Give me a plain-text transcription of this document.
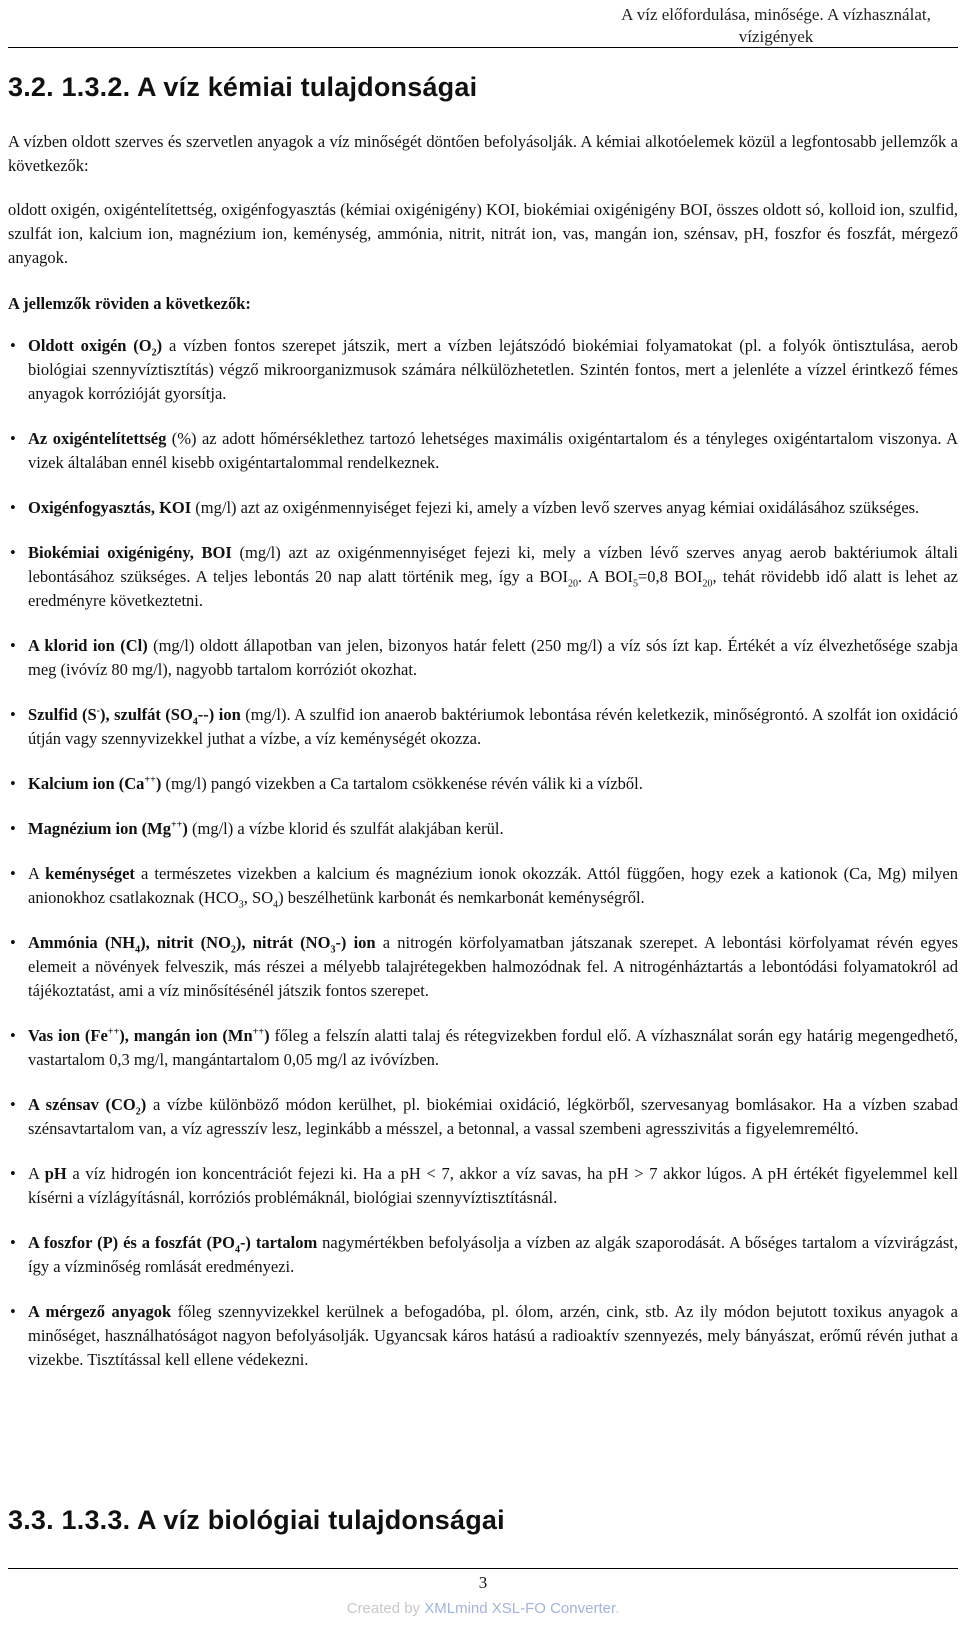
A víz előfordulása, minősége. A vízhasználat, vízigények
3.2. 1.3.2. A víz kémiai tulajdonságai

A vízben oldott szerves és szervetlen anyagok a víz minőségét döntően befolyásolják. A kémiai alkotóelemek közül a legfontosabb jellemzők a következők:

oldott oxigén, oxigéntelítettség, oxigénfogyasztás (kémiai oxigénigény) KOI, biokémiai oxigénigény BOI, összes oldott só, kolloid ion, szulfid, szulfát ion, kalcium ion, magnézium ion, keménység, ammónia, nitrit, nitrát ion, vas, mangán ion, szénsav, pH, foszfor és foszfát, mérgező anyagok.

A jellemzők röviden a következők:

• Oldott oxigén $(O_2)$ a vízben fontos szerepet játszik, mert a vízben lejátszódó biokémiai folyamatokat (pl. a folyók öntisztulása, aerob biológiai szennyvíztisztítás) végző mikroorganizmusok számára nélkülözhetetlen. Szintén fontos, mert a jelenléte a vízzel érintkező fémes anyagok korrózióját gyorsítja.
• Az oxigéntelítettség (%) az adott hőmérséklethez tartozó lehetséges maximális oxigéntartalom és a tényleges oxigéntartalom viszonya. A vizek általában ennél kisebb oxigéntartalommal rendelkeznek.
• Oxigénfogyasztás, KOI (mg/l) azt az oxigénmennyiséget fejezi ki, amely a vízben levő szerves anyag kémiai oxidálásához szükséges.
• Biokémiai oxigénigény, BOI (mg/l) azt az oxigénmennyiséget fejezi ki, mely a vízben lévő szerves anyag aerob baktériumok általi lebontásához szükséges. A teljes lebontás 20 nap alatt történik meg, így a $BOI_{20}$. A $BOI_5=0,8$ $BOI_{20}$, tehát rövidebb idő alatt is lehet az eredményre következtetni.
• A klorid ion (Cl) (mg/l) oldott állapotban van jelen, bizonyos határ felett (250 mg/l) a víz sós ízt kap. Értékét a víz élvezhetősége szabja meg (ivóvíz 80 mg/l), nagyobb tartalom korróziót okozhat.
• Szulfid (S-), szulfát $(SO_4--)$ ion (mg/l). A szulfid ion anaerob baktériumok lebontása révén keletkezik, minőségrontó. A szolfát ion oxidáció útján vagy szennyvizekkel juthat a vízbe, a víz keménységét okozza.
• Kalcium ion (Ca++) (mg/l) pangó vizekben a Ca tartalom csökkenése révén válik ki a vízből.
• Magnézium ion (Mg++) (mg/l) a vízbe klorid és szulfát alakjában kerül.
• A keménységet a természetes vizekben a kalcium és magnézium ionok okozzák. Attól függően, hogy ezek a kationok (Ca, Mg) milyen anionokhoz csatlakoznak ($HCO_3$, $SO_4$) beszélhetünk karbonát és nemkarbonát keménységről.
• Ammónia $(NH_4)$, nitrit $(NO_2)$, nitrát $(NO_3-)$ ion a nitrogén körfolyamatban játszanak szerepet. A lebontási körfolyamat révén egyes elemeit a növények felveszik, más részei a mélyebb talajrétegekben halmozódnak fel. A nitrogénháztartás a lebontódási folyamatokról ad tájékoztatást, ami a víz minősítésénél játszik fontos szerepet.
• Vas ion (Fe++), mangán ion (Mn++) főleg a felszín alatti talaj és rétegvizekben fordul elő. A vízhasználat során egy határig megengedhető, vastartalom 0,3 mg/l, mangántartalom 0,05 mg/l az ivóvízben.
• A szénsav $(CO_2)$ a vízbe különböző módon kerülhet, pl. biokémiai oxidáció, légkörből, szervesanyag bomlásakor. Ha a vízben szabad szénsavtartalom van, a víz agresszív lesz, leginkább a mésszel, a betonnal, a vassal szembeni agresszivitás a figyelemreméltó.
• A pH a víz hidrogén ion koncentrációt fejezi ki. Ha a pH < 7, akkor a víz savas, ha pH > 7 akkor lúgos. A pH értékét figyelemmel kell kísérni a vízlágyításnál, korróziós problémáknál, biológiai szennyvíztisztításnál.
• A foszfor (P) és a foszfát $(PO_4-)$ tartalom nagymértékben befolyásolja a vízben az algák szaporodását. A bőséges tartalom a vízvirágzást, így a vízminőség romlását eredményezi.
• A mérgező anyagok főleg szennyvizekkel kerülnek a befogadóba, pl. ólom, arzén, cink, stb. Az ily módon bejutott toxikus anyagok a minőséget, használhatóságot nagyon befolyásolják. Ugyancsak káros hatású a radioaktív szennyezés, mely bányászat, erőmű révén juthat a vizekbe. Tisztítással kell ellene védekezni.
3.3. 1.3.3. A víz biológiai tulajdonságai
3
Created by XMLmind XSL-FO Converter.
